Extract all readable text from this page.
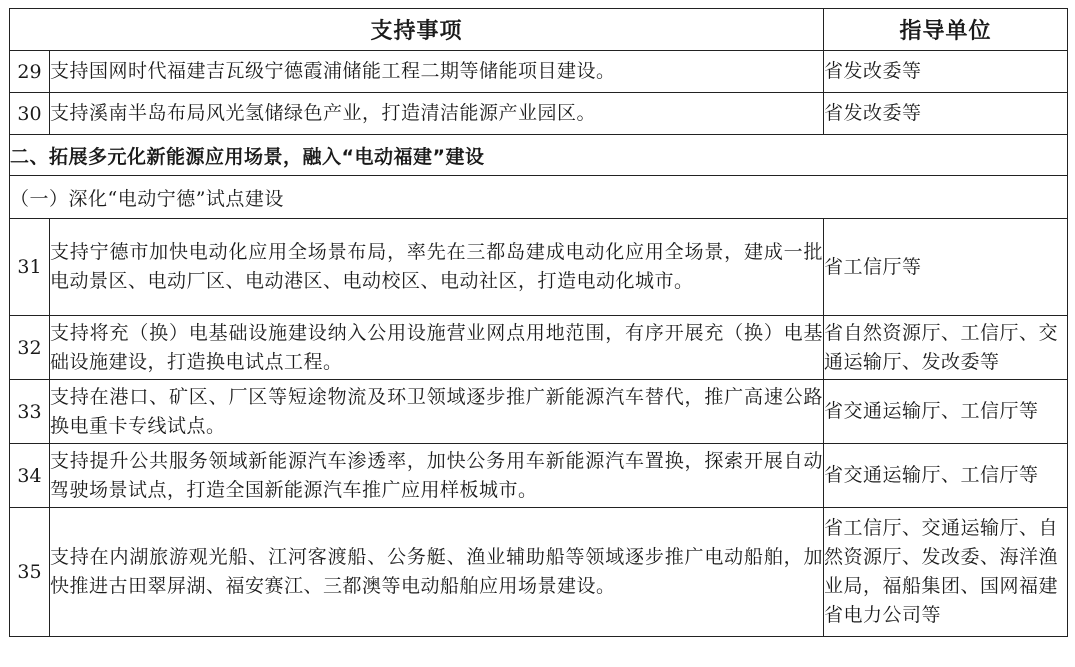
支持事项		指导单位
29	支持国网时代福建吉瓦级宁德霞浦储能工程二期等储能项目建设。	省发改委等
30	支持溪南半岛布局风光氢储绿色产业，打造清洁能源产业园区。	省发改委等
二、拓展多元化新能源应用场景，融入“电动福建”建设		
（一）深化“电动宁德”试点建设		
31	支持宁德市加快电动化应用全场景布局，率先在三都岛建成电动化应用全场景，建成一批电动景区、电动厂区、电动港区、电动校区、电动社区，打造电动化城市。	省工信厅等
32	支持将充（换）电基础设施建设纳入公用设施营业网点用地范围，有序开展充（换）电基础设施建设，打造换电试点工程。	省自然资源厅、工信厅、交通运输厅、发改委等
33	支持在港口、矿区、厂区等短途物流及环卫领域逐步推广新能源汽车替代，推广高速公路换电重卡专线试点。	省交通运输厅、工信厅等
34	支持提升公共服务领域新能源汽车渗透率，加快公务用车新能源汽车置换，探索开展自动驾驶场景试点，打造全国新能源汽车推广应用样板城市。	省交通运输厅、工信厅等
35	支持在内湖旅游观光船、江河客渡船、公务艇、渔业辅助船等领域逐步推广电动船舶，加快推进古田翠屏湖、福安赛江、三都澳等电动船舶应用场景建设。	省工信厅、交通运输厅、自然资源厅、发改委、海洋渔业局，福船集团、国网福建省电力公司等
